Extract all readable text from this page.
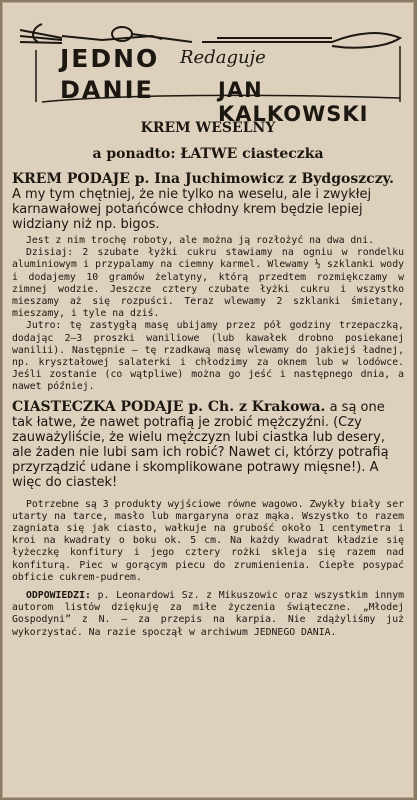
JEDNO
DANIE
Redaguje
JAN KALKOWSKI
KREM WESELNY
a ponadto: ŁATWE ciasteczka
KREM PODAJE p. Ina Juchimowicz z Bydgoszczy. A my tym chętniej, że nie tylko na weselu, ale i zwykłej karnawałowej potańcówce chłodny krem będzie lepiej widziany niż np. bigos.

Jest z nim trochę roboty, ale można ją rozłożyć na dwa dni.

Dzisiaj: 2 szubate łyżki cukru stawiamy na ogniu w rondelku aluminiowym i przypalamy na ciemny karmel. Wlewamy ½ szklanki wody i dodajemy 10 gramów żelatyny, którą przedtem rozmiękczamy w zimnej wodzie. Jeszcze cztery czubate łyżki cukru i wszystko mieszamy aż się rozpuści. Teraz wlewamy 2 szklanki śmietany, mieszamy, i tyle na dziś.

Jutro: tę zastygłą masę ubijamy przez pół godziny trzepaczką, dodając 2—3 proszki waniliowe (lub kawałek drobno posiekanej wanilii). Następnie — tę rzadkawą masę wlewamy do jakiejś ładnej, np. kryształowej salaterki i chłodzimy za oknem lub w lodówce. Jeśli zostanie (co wątpliwe) można go jeść i następnego dnia, a nawet później.

CIASTECZKA PODAJE p. Ch. z Krakowa. a są one tak łatwe, że nawet potrafią je zrobić mężczyźni. (Czy zauważyliście, że wielu mężczyzn lubi ciastka lub desery, ale żaden nie lubi sam ich robić? Nawet ci, którzy potrafią przyrządzić udane i skomplikowane potrawy mięsne!). A więc do ciastek!

Potrzebne są 3 produkty wyjściowe równe wagowo. Zwykły biały ser utarty na tarce, masło lub margaryna oraz mąka. Wszystko to razem zagniata się jak ciasto, wałkuje na grubość około 1 centymetra i kroi na kwadraty o boku ok. 5 cm. Na każdy kwadrat kładzie się łyżeczkę konfitury i jego cztery rożki skleja się razem nad konfiturą. Piec w gorącym piecu do zrumienienia. Ciepłe posypać obficie cukrem-pudrem.

ODPOWIEDZI: p. Leonardowi Sz. z Mikuszowic oraz wszystkim innym autorom listów dziękuję za miłe życzenia świąteczne. „Młodej Gospodyni” z N. — za przepis na karpia. Nie zdążyliśmy już wykorzystać. Na razie spoczął w archiwum JEDNEGO DANIA.
